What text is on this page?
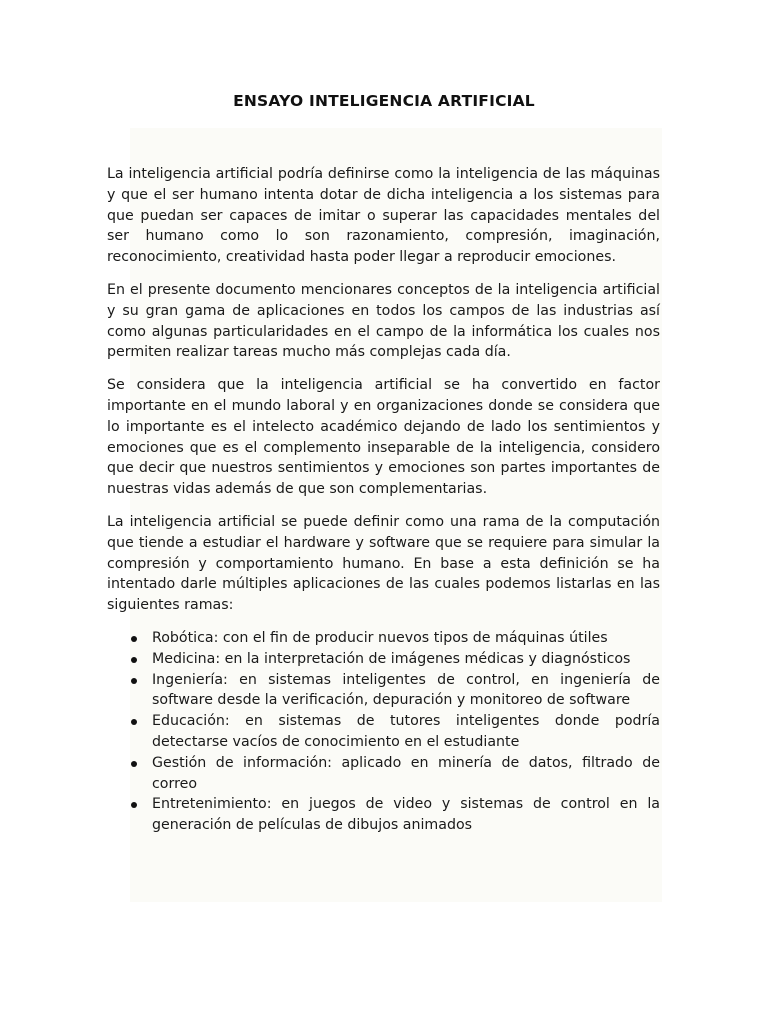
ENSAYO INTELIGENCIA ARTIFICIAL

La inteligencia artificial podría definirse como la inteligencia de las máquinas y que el ser humano intenta dotar de dicha inteligencia a los sistemas para que puedan ser capaces de imitar o superar las capacidades mentales del ser humano como lo son razonamiento, compresión, imaginación, reconocimiento, creatividad hasta poder llegar a reproducir emociones.

En el presente documento mencionares conceptos de la inteligencia artificial y su gran gama de aplicaciones en todos los campos de las industrias así como algunas particularidades en el campo de la informática los cuales nos permiten realizar tareas mucho más complejas cada día.

Se considera que la inteligencia artificial se ha convertido en factor importante en el mundo laboral y en organizaciones donde se considera que lo importante es el intelecto académico dejando de lado los sentimientos y emociones que es el complemento inseparable de la inteligencia, considero que decir que nuestros sentimientos y emociones son partes importantes de nuestras vidas además de que son complementarias.

La inteligencia artificial se puede definir como una rama de la computación que tiende a estudiar el hardware y software que se requiere para simular la compresión y comportamiento humano. En base a esta definición se ha intentado darle múltiples aplicaciones de las cuales podemos listarlas en las siguientes ramas:

Robótica: con el fin de producir nuevos tipos de máquinas útiles
Medicina: en la interpretación de imágenes médicas y diagnósticos
Ingeniería: en sistemas inteligentes de control, en ingeniería de software desde la verificación, depuración y monitoreo de software
Educación: en sistemas de tutores inteligentes donde podría detectarse vacíos de conocimiento en el estudiante
Gestión de información: aplicado en minería de datos, filtrado de correo
Entretenimiento: en juegos de video y sistemas de control en la generación de películas de dibujos animados
